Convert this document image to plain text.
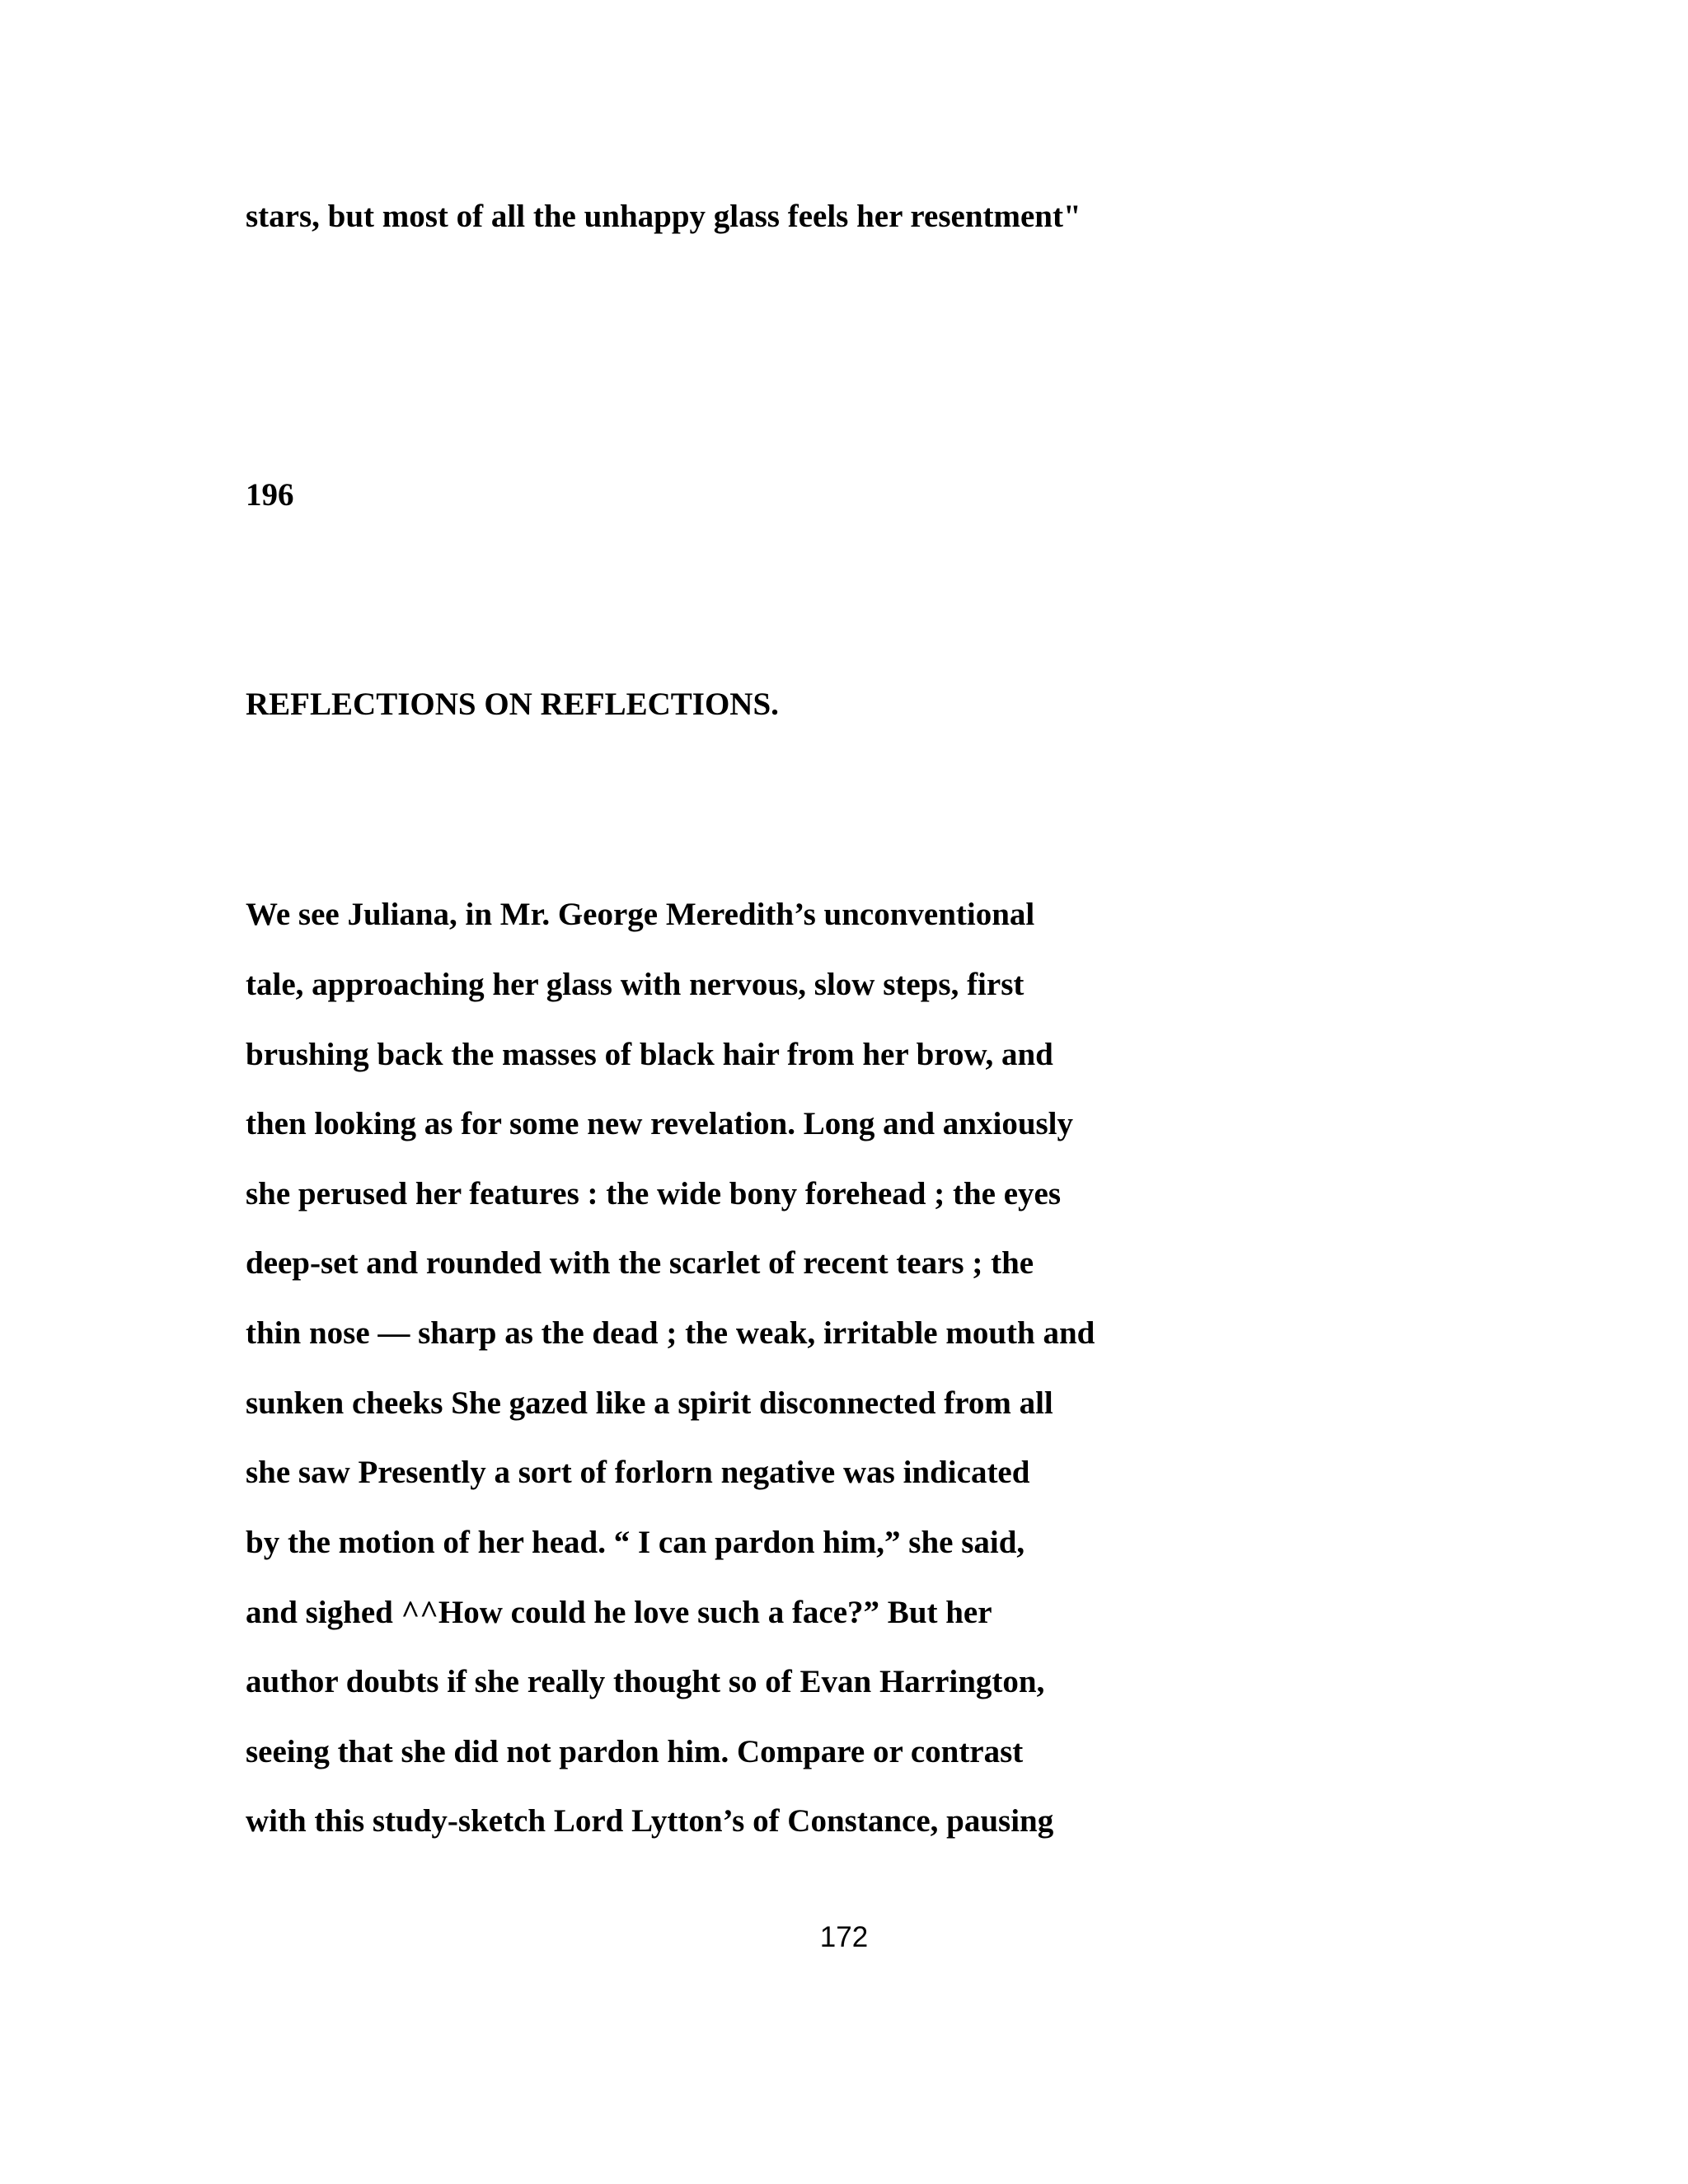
stars, but most of all the unhappy glass feels her resentment"
196
REFLECTIONS ON REFLECTIONS.
We see Juliana, in Mr. George Meredith’s unconventional
tale, approaching her glass with nervous, slow steps, first
brushing back the masses of black hair from her brow, and
then looking as for some new revelation. Long and anxiously
she perused her features : the wide bony forehead ; the eyes
deep-set and rounded with the scarlet of recent tears ; the
thin nose — sharp as the dead ; the weak, irritable mouth and
sunken cheeks She gazed like a spirit disconnected from all
she saw Presently a sort of forlorn negative was indicated
by the motion of her head. “ I can pardon him,” she said,
and sighed ^^How could he love such a face?” But her
author doubts if she really thought so of Evan Harrington,
seeing that she did not pardon him. Compare or contrast
with this study-sketch Lord Lytton’s of Constance, pausing
172
